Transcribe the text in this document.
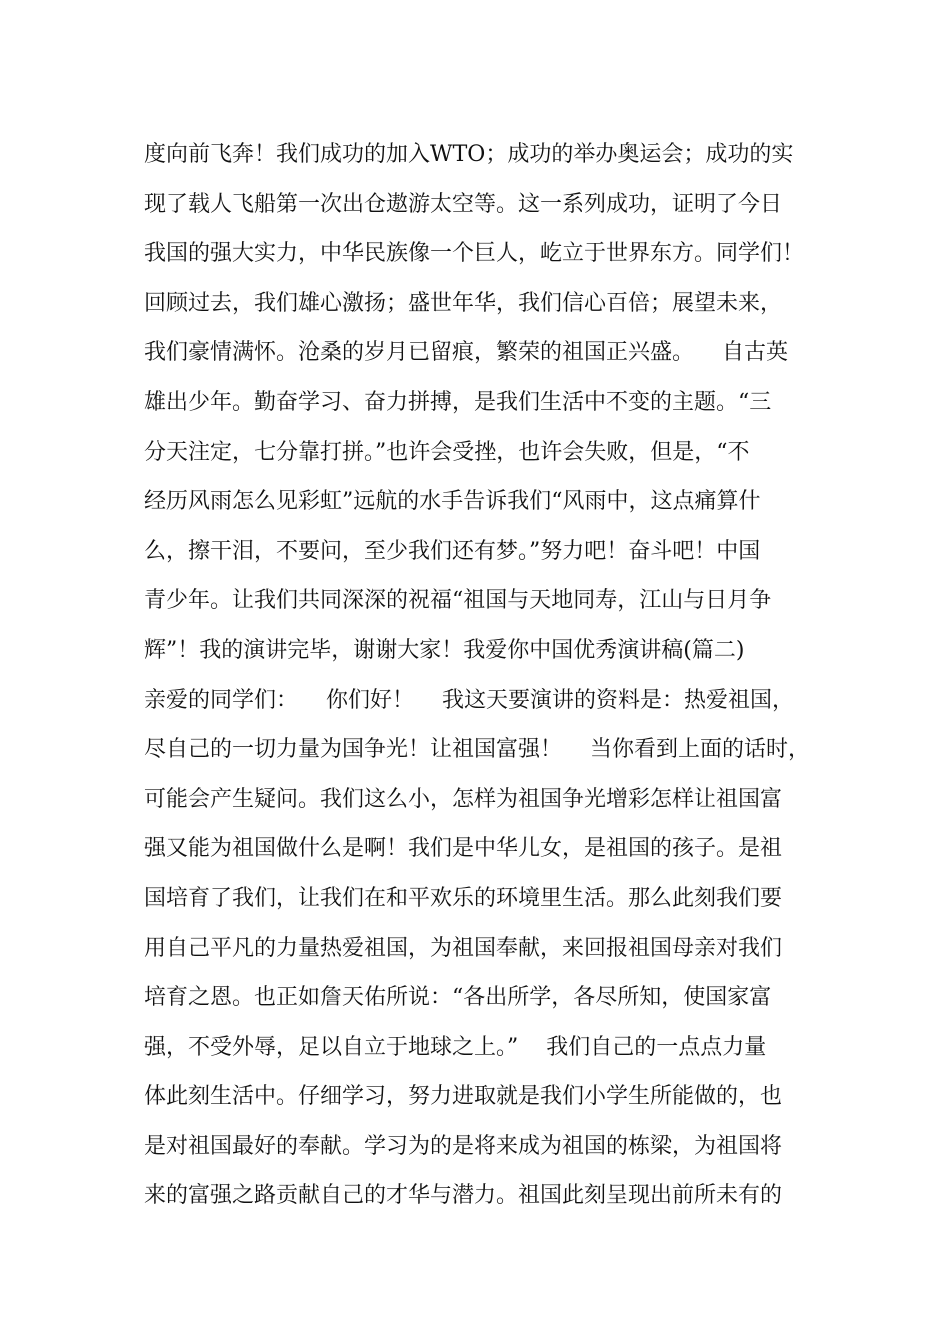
度向前飞奔！我们成功的加入WTO；成功的举办奥运会；成功的实
现了载人飞船第一次出仓遨游太空等。这一系列成功，证明了今日
我国的强大实力，中华民族像一个巨人，屹立于世界东方。同学们！
回顾过去，我们雄心激扬；盛世年华，我们信心百倍；展望未来，
我们豪情满怀。沧桑的岁月已留痕，繁荣的祖国正兴盛。    自古英
雄出少年。勤奋学习、奋力拼搏，是我们生活中不变的主题。“三
分天注定，七分靠打拼。”也许会受挫，也许会失败，但是，“不
经历风雨怎么见彩虹”远航的水手告诉我们“风雨中，这点痛算什
么，擦干泪，不要问，至少我们还有梦。”努力吧！奋斗吧！中国
青少年。让我们共同深深的祝福“祖国与天地同寿，江山与日月争
辉”！我的演讲完毕，谢谢大家！我爱你中国优秀演讲稿(篇二)
亲爱的同学们：    你们好！    我这天要演讲的资料是：热爱祖国，
尽自己的一切力量为国争光！让祖国富强！    当你看到上面的话时，
可能会产生疑问。我们这么小，怎样为祖国争光增彩怎样让祖国富
强又能为祖国做什么是啊！我们是中华儿女，是祖国的孩子。是祖
国培育了我们，让我们在和平欢乐的环境里生活。那么此刻我们要
用自己平凡的力量热爱祖国，为祖国奉献，来回报祖国母亲对我们
培育之恩。也正如詹天佑所说：“各出所学，各尽所知，使国家富
强，不受外辱，足以自立于地球之上。”    我们自己的一点点力量
体此刻生活中。仔细学习，努力进取就是我们小学生所能做的，也
是对祖国最好的奉献。学习为的是将来成为祖国的栋梁，为祖国将
来的富强之路贡献自己的才华与潜力。祖国此刻呈现出前所未有的
